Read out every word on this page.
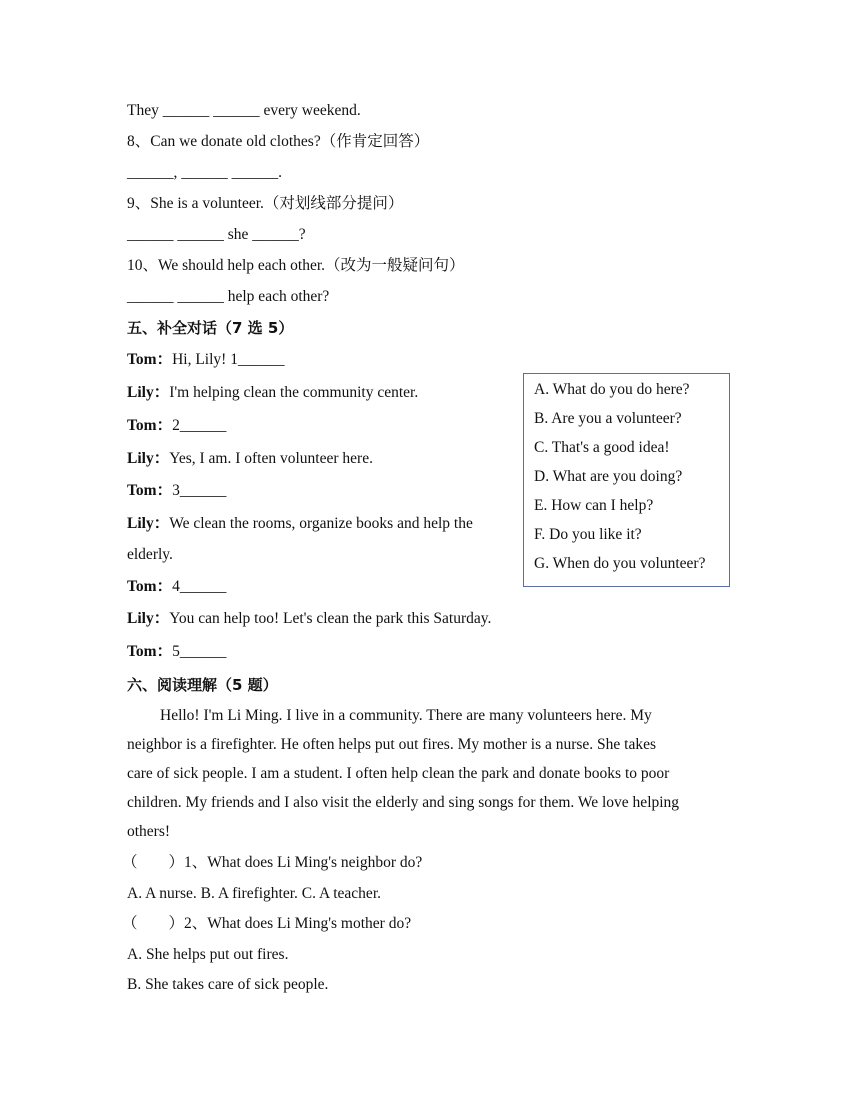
They ______ ______ every weekend.
8、Can we donate old clothes?（作肯定回答）
______, ______ ______.
9、She is a volunteer.（对划线部分提问）
______ ______ she ______?
10、We should help each other.（改为一般疑问句）
______ ______ help each other?
五、补全对话（7 选 5）
Tom：Hi, Lily! 1______
Lily：I'm helping clean the community center.
Tom：2______
Lily：Yes, I am. I often volunteer here.
Tom：3______
Lily：We clean the rooms, organize books and help the
elderly.
Tom：4______
Lily：You can help too! Let's clean the park this Saturday.
Tom：5______
A. What do you do here?
B. Are you a volunteer?
C. That's a good idea!
D. What are you doing?
E. How can I help?
F. Do you like it?
G. When do you volunteer?
六、阅读理解（5 题）
Hello! I'm Li Ming. I live in a community. There are many volunteers here. My
neighbor is a firefighter. He often helps put out fires. My mother is a nurse. She takes
care of sick people. I am a student. I often help clean the park and donate books to poor
children. My friends and I also visit the elderly and sing songs for them. We love helping
others!
（　　）1、What does Li Ming's neighbor do?
A. A nurse. B. A firefighter. C. A teacher.
（　　）2、What does Li Ming's mother do?
A. She helps put out fires.
B. She takes care of sick people.
